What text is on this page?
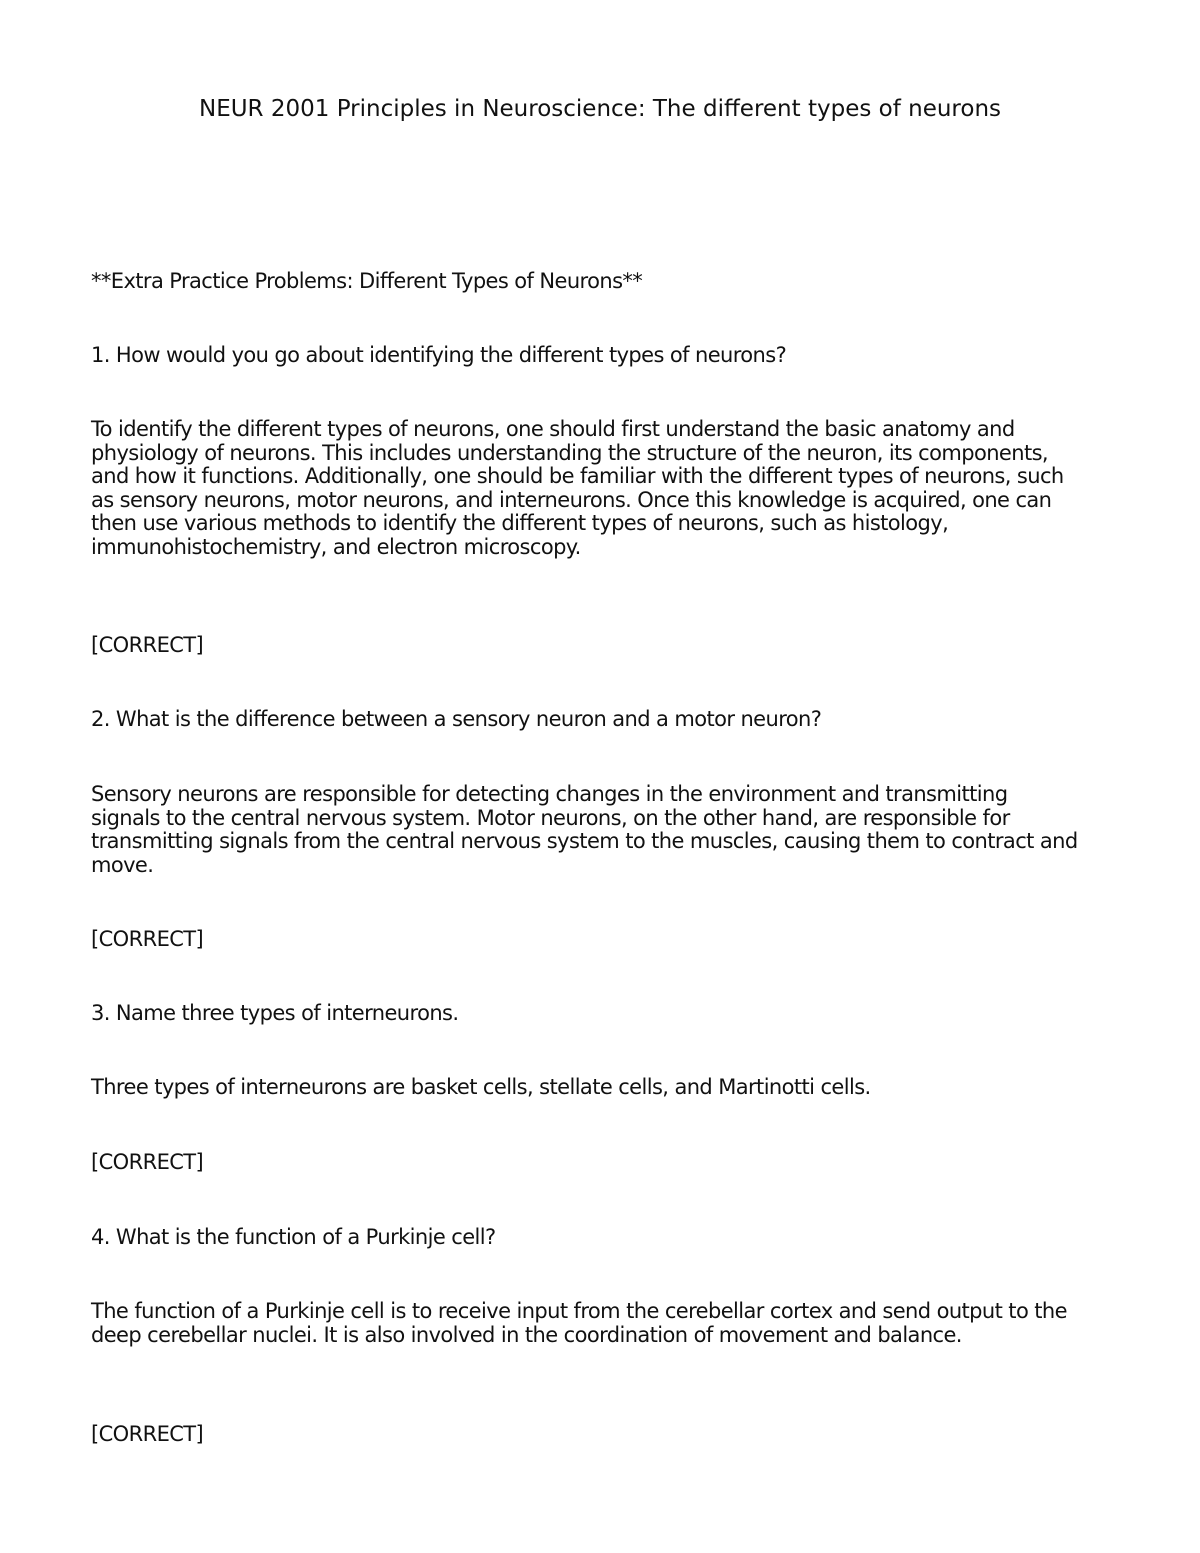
NEUR 2001 Principles in Neuroscience: The different types of neurons
**Extra Practice Problems: Different Types of Neurons**
1. How would you go about identifying the different types of neurons?
To identify the different types of neurons, one should first understand the basic anatomy and physiology of neurons. This includes understanding the structure of the neuron, its components, and how it functions. Additionally, one should be familiar with the different types of neurons, such as sensory neurons, motor neurons, and interneurons. Once this knowledge is acquired, one can then use various methods to identify the different types of neurons, such as histology, immunohistochemistry, and electron microscopy.
[CORRECT]
2. What is the difference between a sensory neuron and a motor neuron?
Sensory neurons are responsible for detecting changes in the environment and transmitting signals to the central nervous system. Motor neurons, on the other hand, are responsible for transmitting signals from the central nervous system to the muscles, causing them to contract and move.
[CORRECT]
3. Name three types of interneurons.
Three types of interneurons are basket cells, stellate cells, and Martinotti cells.
[CORRECT]
4. What is the function of a Purkinje cell?
The function of a Purkinje cell is to receive input from the cerebellar cortex and send output to the deep cerebellar nuclei. It is also involved in the coordination of movement and balance.
[CORRECT]
